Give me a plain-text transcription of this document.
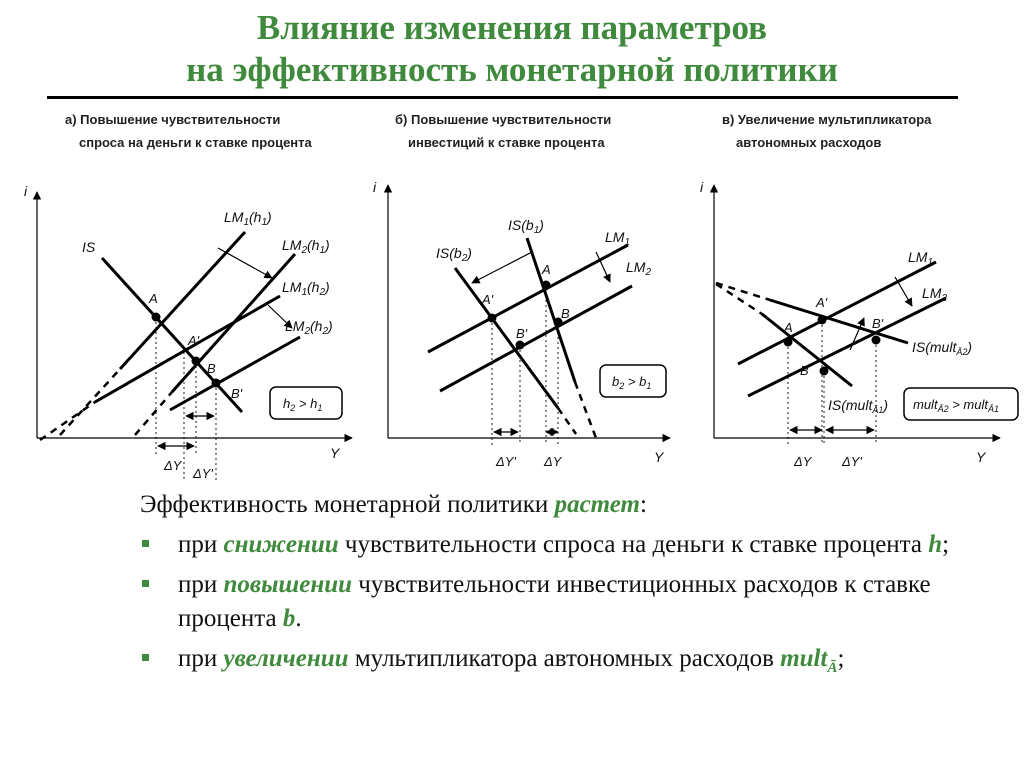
Влияние изменения параметров
на эффективность монетарной политики
а) Повышение чувствительности
спроса на деньги к ставке процента
i
Y
IS
A
A'
B
B'
$LM_1(h_1)$
$LM_2(h_1)$
$LM_1(h_2)$
$LM_2(h_2)$
ΔY
ΔY'
$h_2 > h_1$
б) Повышение чувствительности
инвестиций к ставке процента
i
Y
A
A'
B
B'
$IS(b_1)$
$IS(b_2)$
$LM_1$
$LM_2$
ΔY' ΔY
$b_2 > b_1$
в) Увеличение мультипликатора
автономных расходов
i
Y
A
A'
B
B'
$LM_1$
$LM_2$
IS(mult$_{Ā2}$)
IS(mult$_{Ā1}$)
ΔY ΔY'
mult$_{Ā2}$ > mult$_{Ā1}$
Эффективность монетарной политики растет:
при снижении чувствительности спроса на деньги к ставке процента h;
при повышении чувствительности инвестиционных расходов к ставке процента b.
при увеличении мультипликатора автономных расходов mult$_Ā$;
